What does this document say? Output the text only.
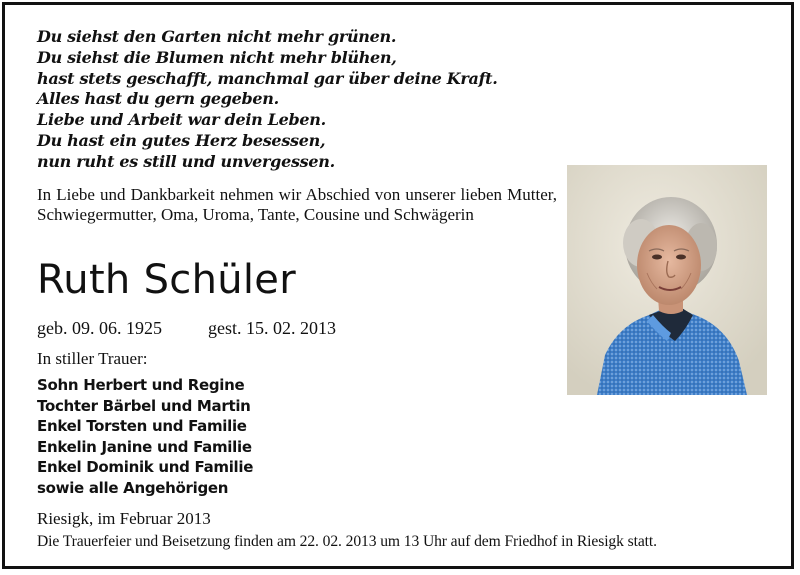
Du siehst den Garten nicht mehr grünen.
Du siehst die Blumen nicht mehr blühen,
hast stets geschafft, manchmal gar über deine Kraft.
Alles hast du gern gegeben.
Liebe und Arbeit war dein Leben.
Du hast ein gutes Herz besessen,
nun ruht es still und unvergessen.
In Liebe und Dankbarkeit nehmen wir Abschied von unserer lieben Mutter, Schwiegermutter, Oma, Uroma, Tante, Cousine und Schwägerin
Ruth Schüler
geb. 09. 06. 1925	gest. 15. 02. 2013
In stiller Trauer:
Sohn Herbert und Regine
Tochter Bärbel und Martin
Enkel Torsten und Familie
Enkelin Janine und Familie
Enkel Dominik und Familie
sowie alle Angehörigen
Riesigk, im Februar 2013
Die Trauerfeier und Beisetzung finden am 22. 02. 2013 um 13 Uhr auf dem Friedhof in Riesigk statt.
